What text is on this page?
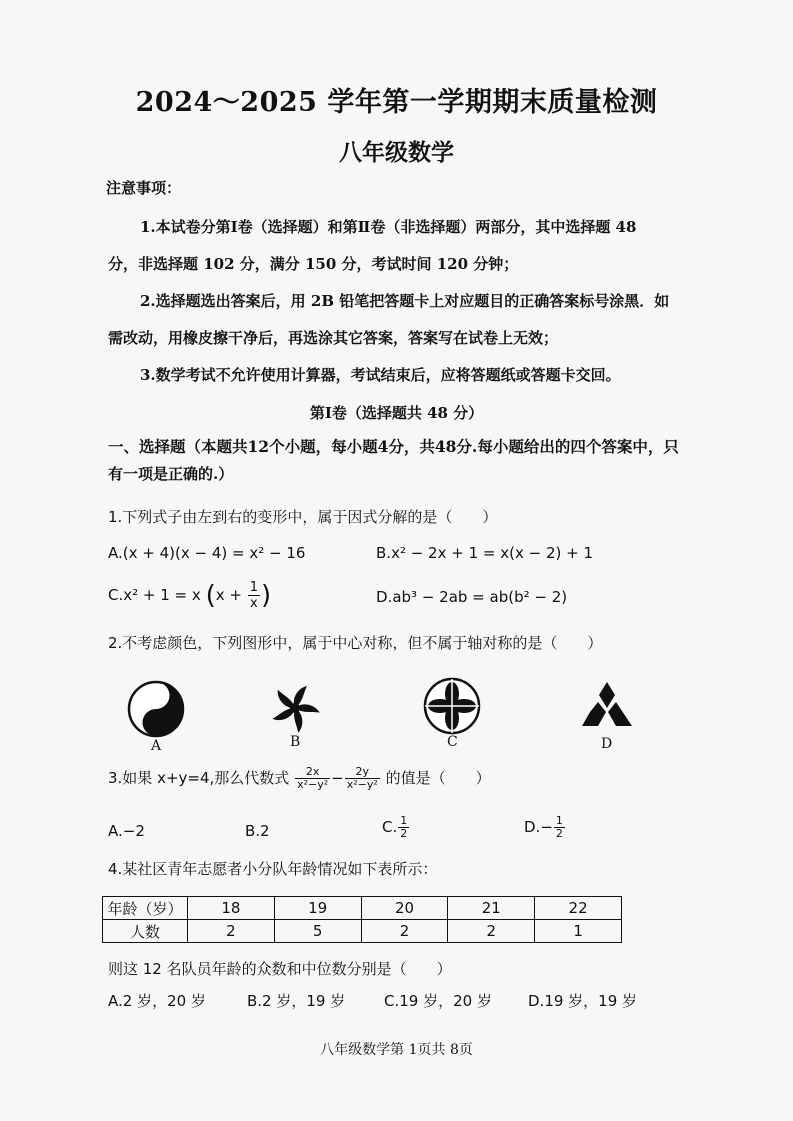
2024～2025 学年第一学期期末质量检测
八年级数学
注意事项：
1.本试卷分第Ⅰ卷（选择题）和第Ⅱ卷（非选择题）两部分，其中选择题 48
分，非选择题 102 分，满分 150 分，考试时间 120 分钟；
2.选择题选出答案后，用 2B 铅笔把答题卡上对应题目的正确答案标号涂黑．如
需改动，用橡皮擦干净后，再选涂其它答案，答案写在试卷上无效；
3.数学考试不允许使用计算器，考试结束后，应将答题纸或答题卡交回。
第Ⅰ卷（选择题共 48 分）
一、选择题（本题共12个小题，每小题4分，共48分.每小题给出的四个答案中，只
有一项是正确的.）
1.下列式子由左到右的变形中，属于因式分解的是（　　）
A.(x + 4)(x − 4) = x² − 16	B.x² − 2x + 1 = x(x − 2) + 1
C.x² + 1 = x ($x + \frac{1}{x}$ )	D.ab³ − 2ab = ab(b² − 2)
2.不考虑颜色，下列图形中，属于中心对称，但不属于轴对称的是（　　）
A	B	C	D
3.如果 x+y=4,那么代数式 $\frac{2x}{\text{x²−y²}} - \frac{2y}{\text{x²−y²}}$ 的值是（　　）
A.−2	B.2	C. $\frac{1}{2}$	$D.- \frac{1}{2}$
4.某社区青年志愿者小分队年龄情况如下表所示：
年龄（岁）	18	19	20	21	22
人数	2	5	2	2	1
则这 12 名队员年龄的众数和中位数分别是（　　）
A.2 岁，20 岁	B.2 岁，19 岁	C.19 岁，20 岁 D.19 岁，19 岁
八年级数学第 1页共 8页
